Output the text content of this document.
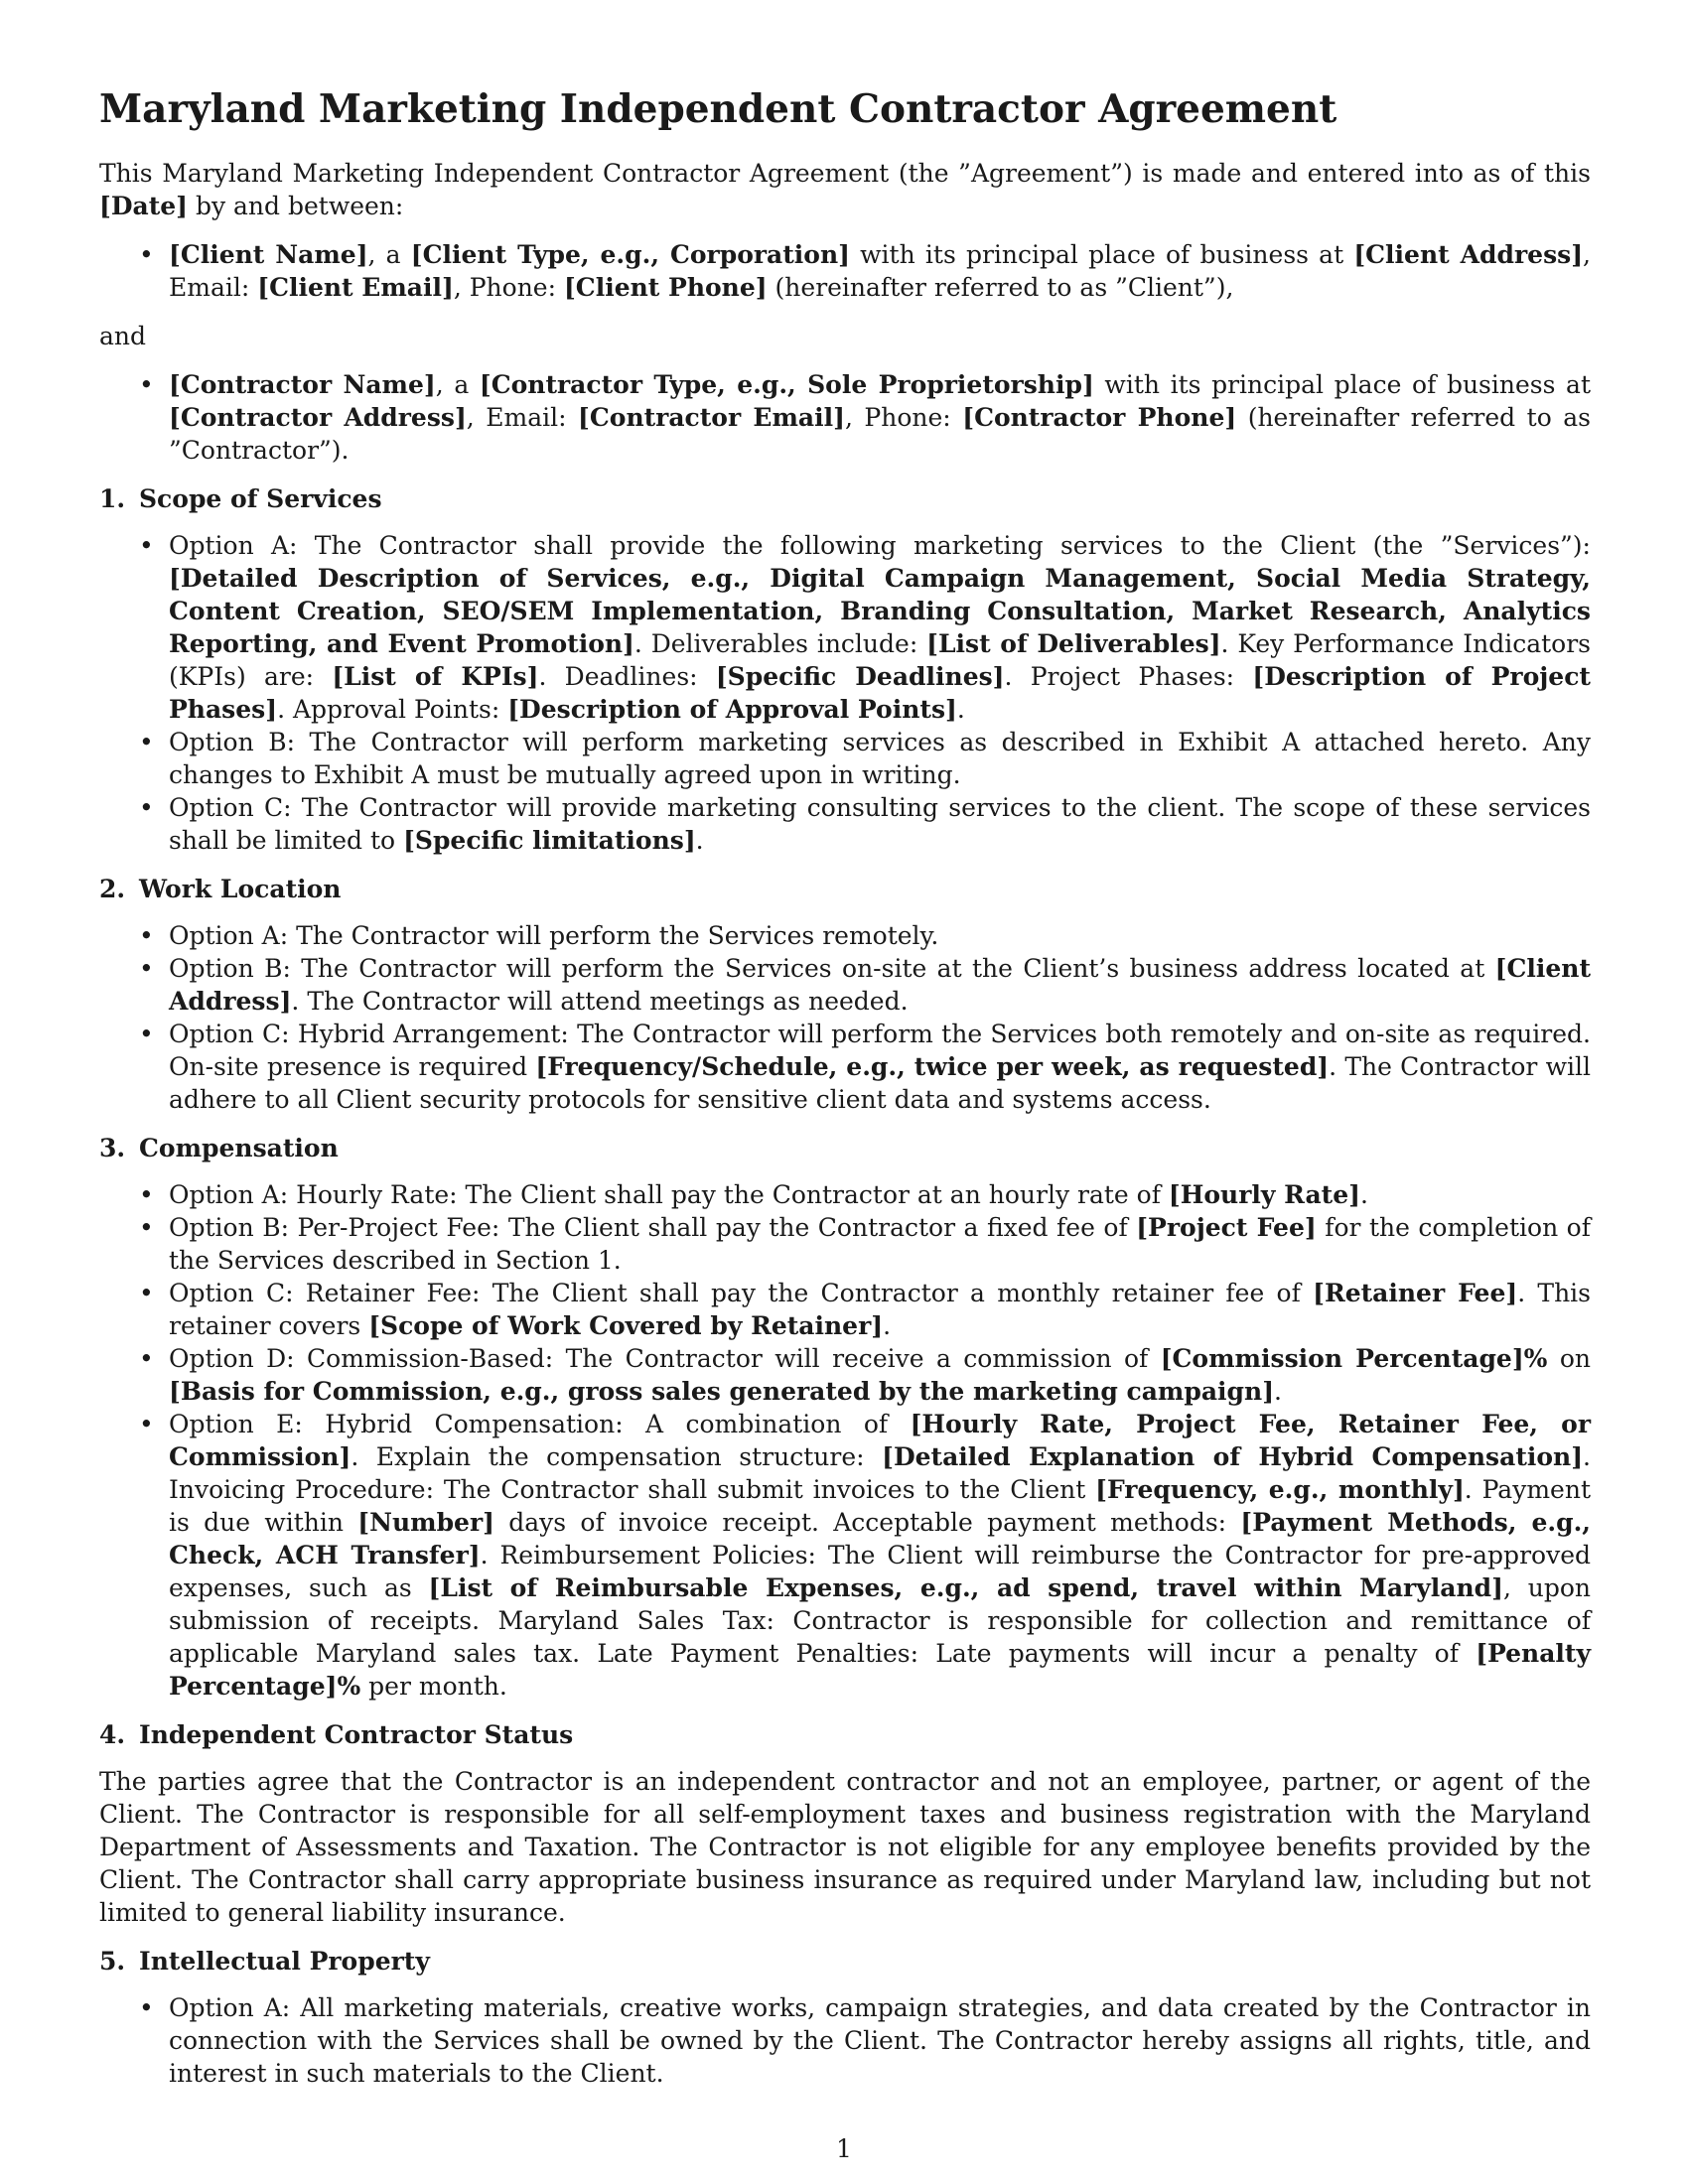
Maryland Marketing Independent Contractor Agreement

This Maryland Marketing Independent Contractor Agreement (the ”Agreement”) is made and entered into as of this [Date] by and between:

• [Client Name], a [Client Type, e.g., Corporation] with its principal place of business at [Client Address], Email: [Client Email], Phone: [Client Phone] (hereinafter referred to as ”Client”),

and

• [Contractor Name], a [Contractor Type, e.g., Sole Proprietorship] with its principal place of business at [Contractor Address], Email: [Contractor Email], Phone: [Contractor Phone] (hereinafter referred to as ”Contractor”).
1. Scope of Services
• Option A: The Contractor shall provide the following marketing services to the Client (the ”Services”): [Detailed Description of Services, e.g., Digital Campaign Management, Social Media Strategy, Content Creation, SEO/SEM Implementation, Branding Consultation, Market Research, Analytics Reporting, and Event Promotion]. Deliverables include: [List of Deliverables]. Key Performance Indicators (KPIs) are: [List of KPIs]. Deadlines: [Specific Deadlines]. Project Phases: [Description of Project Phases]. Approval Points: [Description of Approval Points].
• Option B: The Contractor will perform marketing services as described in Exhibit A attached hereto. Any changes to Exhibit A must be mutually agreed upon in writing.
• Option C: The Contractor will provide marketing consulting services to the client. The scope of these services shall be limited to [Specific limitations].
2. Work Location
• Option A: The Contractor will perform the Services remotely.
• Option B: The Contractor will perform the Services on-site at the Client’s business address located at [Client Address]. The Contractor will attend meetings as needed.
• Option C: Hybrid Arrangement: The Contractor will perform the Services both remotely and on-site as required. On-site presence is required [Frequency/Schedule, e.g., twice per week, as requested]. The Contractor will adhere to all Client security protocols for sensitive client data and systems access.
3. Compensation
• Option A: Hourly Rate: The Client shall pay the Contractor at an hourly rate of [Hourly Rate].
• Option B: Per-Project Fee: The Client shall pay the Contractor a fixed fee of [Project Fee] for the completion of the Services described in Section 1.
• Option C: Retainer Fee: The Client shall pay the Contractor a monthly retainer fee of [Retainer Fee]. This retainer covers [Scope of Work Covered by Retainer].
• Option D: Commission-Based: The Contractor will receive a commission of [Commission Percentage]% on [Basis for Commission, e.g., gross sales generated by the marketing campaign].
• Option E: Hybrid Compensation: A combination of [Hourly Rate, Project Fee, Retainer Fee, or Commission]. Explain the compensation structure: [Detailed Explanation of Hybrid Compensation]. Invoicing Procedure: The Contractor shall submit invoices to the Client [Frequency, e.g., monthly]. Payment is due within [Number] days of invoice receipt. Acceptable payment methods: [Payment Methods, e.g., Check, ACH Transfer]. Reimbursement Policies: The Client will reimburse the Contractor for pre-approved expenses, such as [List of Reimbursable Expenses, e.g., ad spend, travel within Maryland], upon submission of receipts. Maryland Sales Tax: Contractor is responsible for collection and remittance of applicable Maryland sales tax. Late Payment Penalties: Late payments will incur a penalty of [Penalty Percentage]% per month.
4. Independent Contractor Status

The parties agree that the Contractor is an independent contractor and not an employee, partner, or agent of the Client. The Contractor is responsible for all self-employment taxes and business registration with the Maryland Department of Assessments and Taxation. The Contractor is not eligible for any employee benefits provided by the Client. The Contractor shall carry appropriate business insurance as required under Maryland law, including but not limited to general liability insurance.

5. Intellectual Property
• Option A: All marketing materials, creative works, campaign strategies, and data created by the Contractor in connection with the Services shall be owned by the Client. The Contractor hereby assigns all rights, title, and interest in such materials to the Client.
1
